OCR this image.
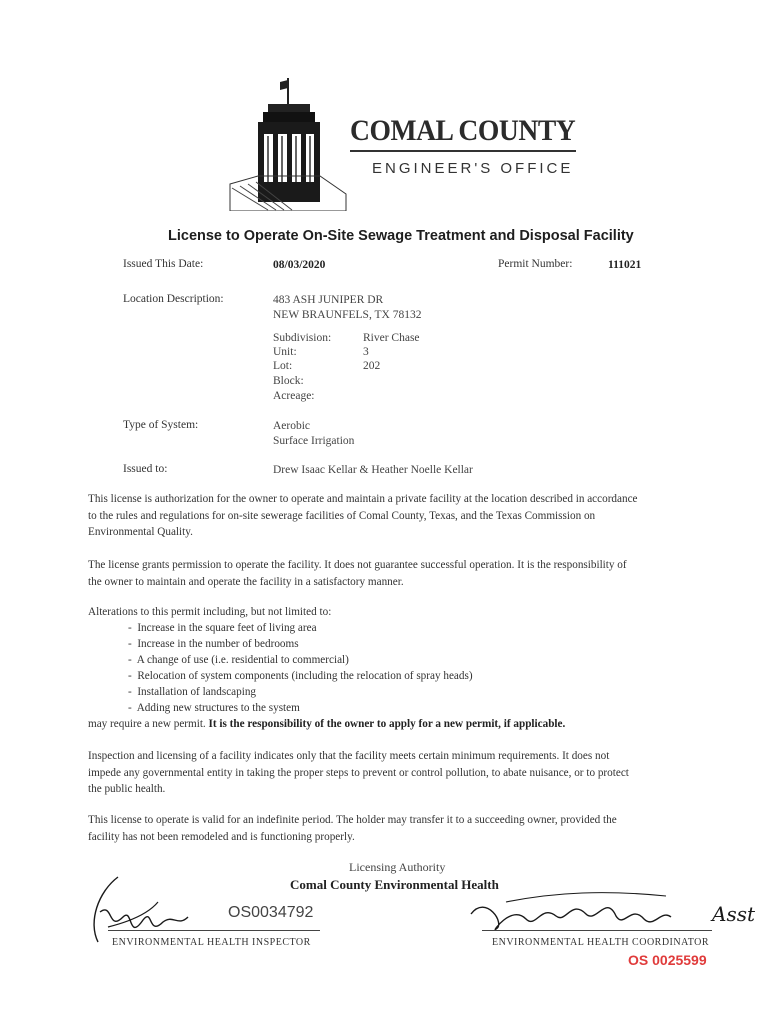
COMAL COUNTY
ENGINEER'S OFFICE
License to Operate On-Site Sewage Treatment and Disposal Facility
Issued This Date:	08/03/2020	Permit Number:	111021
Location Description:	483 ASH JUNIPER DR
NEW BRAUNFELS, TX 78132
Subdivision:	River Chase
Unit:	3
Lot:	202
Block:
Acreage:
Type of System:	Aerobic
Surface Irrigation
Issued to:	Drew Isaac Kellar & Heather Noelle Kellar
This license is authorization for the owner to operate and maintain a private facility at the location described in accordance to the rules and regulations for on-site sewerage facilities of Comal County, Texas, and the Texas Commission on Environmental Quality.
The license grants permission to operate the facility. It does not guarantee successful operation. It is the responsibility of the owner to maintain and operate the facility in a satisfactory manner.
Alterations to this permit including, but not limited to:
-  Increase in the square feet of living area
-  Increase in the number of bedrooms
-  A change of use (i.e. residential to commercial)
-  Relocation of system components (including the relocation of spray heads)
-  Installation of landscaping
-  Adding new structures to the system
may require a new permit. It is the responsibility of the owner to apply for a new permit, if applicable.
Inspection and licensing of a facility indicates only that the facility meets certain minimum requirements. It does not impede any governmental entity in taking the proper steps to prevent or control pollution, to abate nuisance, or to protect the public health.
This license to operate is valid for an indefinite period. The holder may transfer it to a succeeding owner, provided the facility has not been remodeled and is functioning properly.
Licensing Authority
Comal County Environmental Health
OS0034792
ENVIRONMENTAL HEALTH INSPECTOR
Asst
ENVIRONMENTAL HEALTH COORDINATOR
OS 0025599
